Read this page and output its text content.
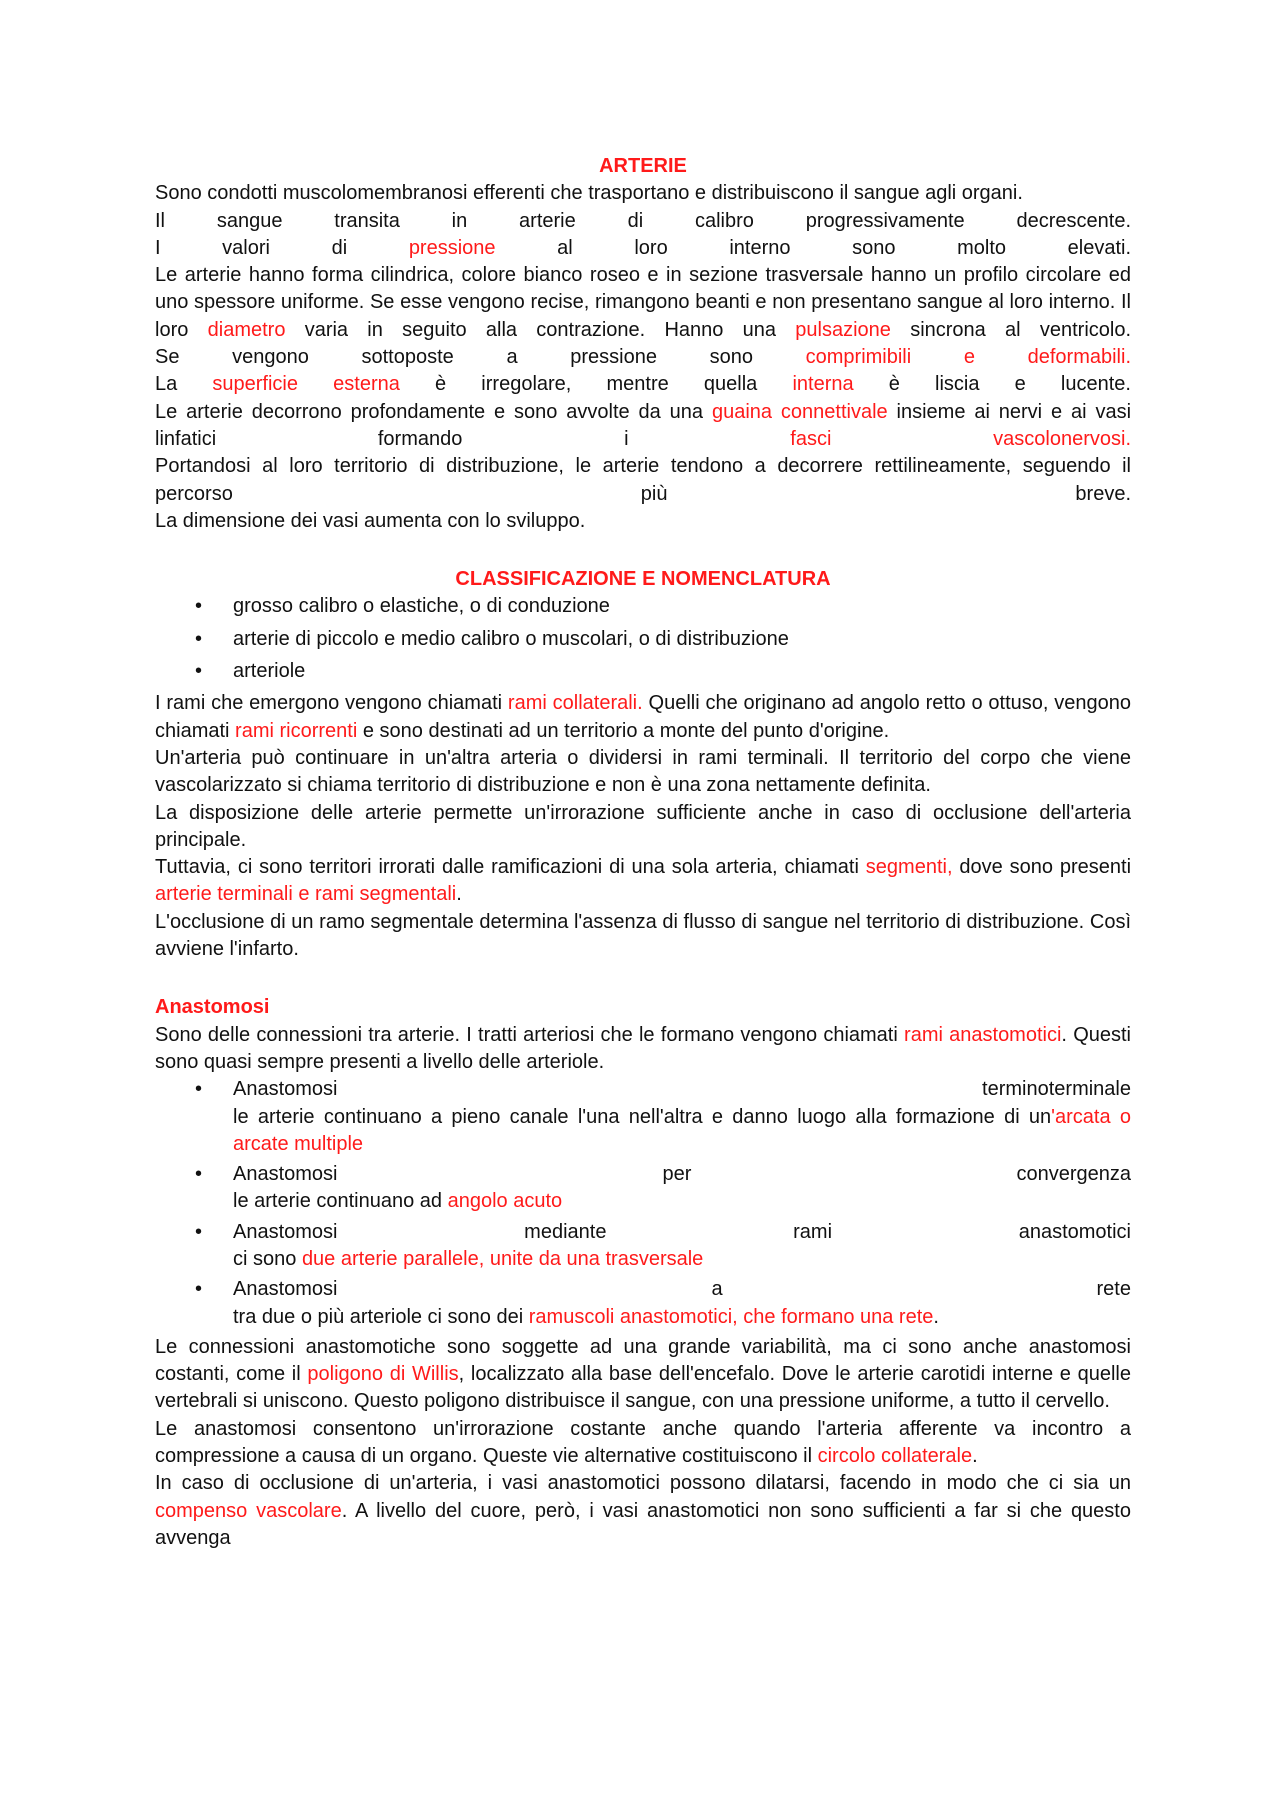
ARTERIE

Sono condotti muscolomembranosi efferenti che trasportano e distribuiscono il sangue agli organi.

Il sangue transita in arterie di calibro progressivamente decrescente.

I valori di	pressione	al loro interno sono molto elevati.

Le arterie hanno forma cilindrica, colore bianco roseo e in sezione trasversale hanno un profilo circolare ed uno spessore uniforme. Se esse vengono recise, rimangono beanti e non presentano sangue al loro interno. Il loro diametro varia in seguito alla contrazione. Hanno una pulsazione sincrona al ventricolo.

Se vengono sottoposte a pressione sono	comprimibili e deformabili.

La superficie esterna è irregolare, mentre quella interna è liscia e lucente.

Le arterie decorrono profondamente e sono avvolte da una guaina connettivale insieme ai nervi e ai vasi linfatici formando i	fasci vascolonervosi.

Portandosi al loro territorio di distribuzione, le arterie tendono a decorrere rettilineamente, seguendo il percorso più breve.

La dimensione dei vasi aumenta con lo sviluppo.

CLASSIFICAZIONE E NOMENCLATURA

• grosso calibro o elastiche, o di conduzione
• arterie di piccolo e medio calibro o muscolari, o di distribuzione
• arteriole

I rami che emergono vengono chiamati rami collaterali. Quelli che originano ad angolo retto o ottuso, vengono chiamati rami ricorrenti e sono destinati ad un territorio a monte del punto d'origine.

Un'arteria può continuare in un'altra arteria o dividersi in rami terminali. Il territorio del corpo che viene vascolarizzato si chiama territorio di distribuzione e non è una zona nettamente definita.

La disposizione delle arterie permette un'irrorazione sufficiente anche in caso di occlusione dell'arteria principale.

Tuttavia, ci sono territori irrorati dalle ramificazioni di una sola arteria, chiamati segmenti, dove sono presenti arterie terminali e rami segmentali.

L'occlusione di un ramo segmentale determina l'assenza di flusso di sangue nel territorio di distribuzione. Così avviene l'infarto.

Anastomosi

Sono delle connessioni tra arterie. I tratti arteriosi che le formano vengono chiamati rami anastomotici. Questi sono quasi sempre presenti a livello delle arteriole.

• Anastomosi terminoterminale
le arterie continuano a pieno canale l'una nell'altra e danno luogo alla formazione di un'arcata o arcate multiple
• Anastomosi per convergenza
le arterie continuano ad angolo acuto
• Anastomosi mediante rami anastomotici
ci sono due arterie parallele, unite da una trasversale
• Anastomosi a rete
tra due o più arteriole ci sono dei ramuscoli anastomotici, che formano una rete.

Le connessioni anastomotiche sono soggette ad una grande variabilità, ma ci sono anche anastomosi costanti, come il poligono di Willis, localizzato alla base dell'encefalo. Dove le arterie carotidi interne e quelle vertebrali si uniscono. Questo poligono distribuisce il sangue, con una pressione uniforme, a tutto il cervello.

Le anastomosi consentono un'irrorazione costante anche quando l'arteria afferente va incontro a compressione a causa di un organo. Queste vie alternative costituiscono il circolo collaterale.

In caso di occlusione di un'arteria, i vasi anastomotici possono dilatarsi, facendo in modo che ci sia un compenso vascolare. A livello del cuore, però, i vasi anastomotici non sono sufficienti a far si che questo avvenga
